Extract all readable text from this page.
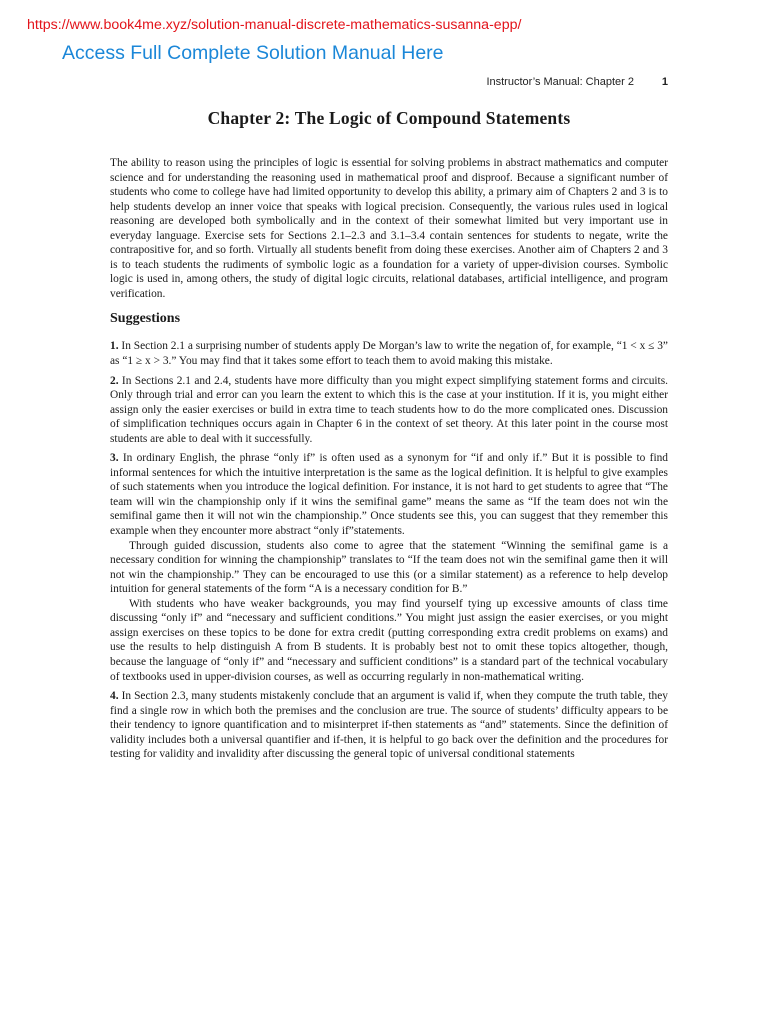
https://www.book4me.xyz/solution-manual-discrete-mathematics-susanna-epp/
Access Full Complete Solution Manual Here
Instructor’s Manual: Chapter 2	1
Chapter 2: The Logic of Compound Statements

The ability to reason using the principles of logic is essential for solving problems in abstract mathematics and computer science and for understanding the reasoning used in mathematical proof and disproof. Because a significant number of students who come to college have had limited opportunity to develop this ability, a primary aim of Chapters 2 and 3 is to help students develop an inner voice that speaks with logical precision. Consequently, the various rules used in logical reasoning are developed both symbolically and in the context of their somewhat limited but very important use in everyday language. Exercise sets for Sections 2.1–2.3 and 3.1–3.4 contain sentences for students to negate, write the contrapositive for, and so forth. Virtually all students benefit from doing these exercises. Another aim of Chapters 2 and 3 is to teach students the rudiments of symbolic logic as a foundation for a variety of upper-division courses. Symbolic logic is used in, among others, the study of digital logic circuits, relational databases, artificial intelligence, and program verification.

Suggestions

1. In Section 2.1 a surprising number of students apply De Morgan’s law to write the negation of, for example, “1 < x ≤ 3” as “1 ≥ x > 3.” You may find that it takes some effort to teach them to avoid making this mistake.

2. In Sections 2.1 and 2.4, students have more difficulty than you might expect simplifying statement forms and circuits. Only through trial and error can you learn the extent to which this is the case at your institution. If it is, you might either assign only the easier exercises or build in extra time to teach students how to do the more complicated ones. Discussion of simplification techniques occurs again in Chapter 6 in the context of set theory. At this later point in the course most students are able to deal with it successfully.

3. In ordinary English, the phrase “only if” is often used as a synonym for “if and only if.” But it is possible to find informal sentences for which the intuitive interpretation is the same as the logical definition. It is helpful to give examples of such statements when you introduce the logical definition. For instance, it is not hard to get students to agree that “The team will win the championship only if it wins the semifinal game” means the same as “If the team does not win the semifinal game then it will not win the championship.” Once students see this, you can suggest that they remember this example when they encounter more abstract “only if”statements.

Through guided discussion, students also come to agree that the statement “Winning the semifinal game is a necessary condition for winning the championship” translates to “If the team does not win the semifinal game then it will not win the championship.” They can be encouraged to use this (or a similar statement) as a reference to help develop intuition for general statements of the form “A is a necessary condition for B.”

With students who have weaker backgrounds, you may find yourself tying up excessive amounts of class time discussing “only if” and “necessary and sufficient conditions.” You might just assign the easier exercises, or you might assign exercises on these topics to be done for extra credit (putting corresponding extra credit problems on exams) and use the results to help distinguish A from B students. It is probably best not to omit these topics altogether, though, because the language of “only if” and “necessary and sufficient conditions” is a standard part of the technical vocabulary of textbooks used in upper-division courses, as well as occurring regularly in non-mathematical writing.

4. In Section 2.3, many students mistakenly conclude that an argument is valid if, when they compute the truth table, they find a single row in which both the premises and the conclusion are true. The source of students’ difficulty appears to be their tendency to ignore quantification and to misinterpret if-then statements as “and” statements. Since the definition of validity includes both a universal quantifier and if-then, it is helpful to go back over the definition and the procedures for testing for validity and invalidity after discussing the general topic of universal conditional statements
